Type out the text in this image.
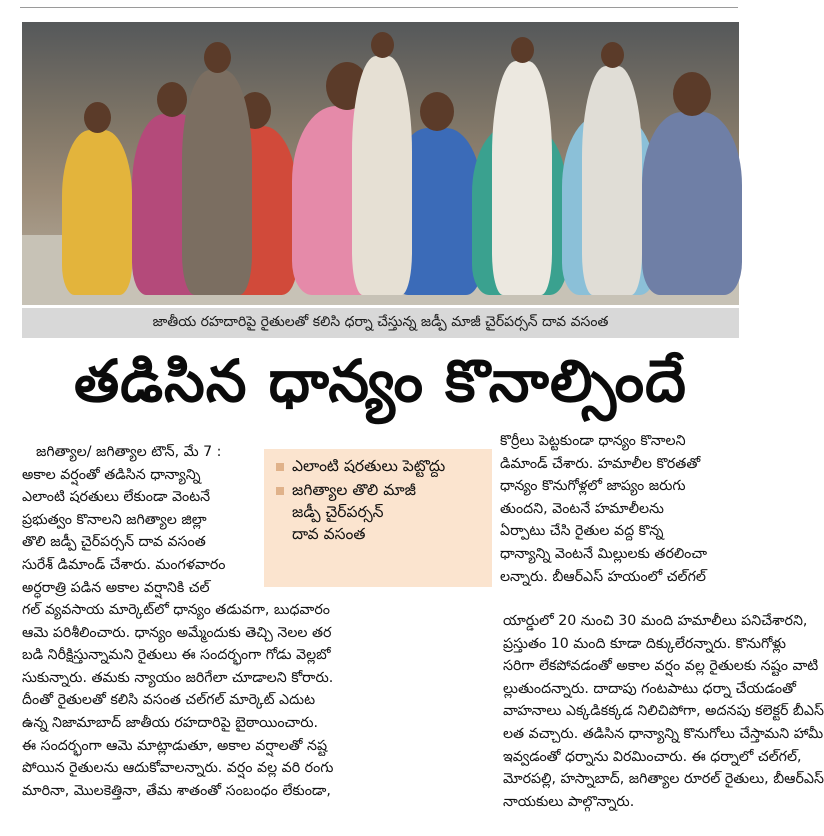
జాతీయ రహదారిపై రైతులతో కలిసి ధర్నా చేస్తున్న జడ్పీ మాజీ చైర్‌పర్సన్ దావ వసంత
తడిసిన ధాన్యం కొనాల్సిందే
జగిత్యాల/ జగిత్యాల టౌన్‌, మే 7 :
అకాల వర్షంతో తడిసిన ధాన్యాన్ని
ఎలాంటి షరతులు లేకుండా వెంటనే
ప్రభుత్వం కొనాలని జగిత్యాల జిల్లా
తొలి జడ్పీ చైర్‌పర్సన్ దావ వసంత
సురేశ్ డిమాండ్ చేశారు. మంగళవారం
అర్ధరాత్రి పడిన అకాల వర్షానికి చల్
ఎలాంటి షరతులు పెట్టొద్దు
జగిత్యాల తొలి మాజీ
జడ్పీ చైర్‌పర్సన్
దావ వసంత
కొర్రీలు పెట్టకుండా ధాన్యం కొనాలని
డిమాండ్ చేశారు. హమాలీల కొరతతో
ధాన్యం కొనుగోళ్లలో జాప్యం జరుగు
తుందని, వెంటనే హమాలీలను
ఏర్పాటు చేసి రైతుల వద్ద కొన్న
ధాన్యాన్ని వెంటనే మిల్లులకు తరలించా
లన్నారు. బీఆర్ఎస్ హయంలో చల్‌గల్
గల్ వ్యవసాయ మార్కెట్‌లో ధాన్యం తడువగా, బుధవారం
ఆమె పరిశీలించారు. ధాన్యం అమ్మేందుకు తెచ్చి నెలల తర
బడి నిరీక్షిస్తున్నామని రైతులు ఈ సందర్భంగా గోడు వెల్లబో
సుకున్నారు. తమకు న్యాయం జరిగేలా చూడాలని కోరారు.
దీంతో రైతులతో కలిసి వసంత చల్‌గల్ మార్కెట్ ఎదుట
ఉన్న నిజామాబాద్ జాతీయ రహదారిపై బైఠాయించారు.
ఈ సందర్భంగా ఆమె మాట్లాడుతూ, అకాల వర్షాలతో నష్ట
పోయిన రైతులను ఆదుకోవాలన్నారు. వర్షం వల్ల వరి రంగు
మారినా, మొలకెత్తినా, తేమ శాతంతో సంబంధం లేకుండా,
యార్డులో 20 నుంచి 30 మంది హమాలీలు పనిచేశారని,
ప్రస్తుతం 10 మంది కూడా దిక్కులేరన్నారు. కొనుగోళ్లు
సరిగా లేకపోవడంతో అకాల వర్షం వల్ల రైతులకు నష్టం వాటి
ల్లుతుందన్నారు. దాదాపు గంటపాటు ధర్నా చేయడంతో
వాహనాలు ఎక్కడికక్కడ నిలిచిపోగా, అదనపు కలెక్టర్ బీఎస్
లత వచ్చారు. తడిసిన ధాన్యాన్ని కొనుగోలు చేస్తామని హామీ
ఇవ్వడంతో ధర్నాను విరమించారు. ఈ ధర్నాలో చల్‌గల్,
మోరపల్లి, హస్నాబాద్, జగిత్యాల రూరల్ రైతులు, బీఆర్ఎస్
నాయకులు పాల్గొన్నారు.
